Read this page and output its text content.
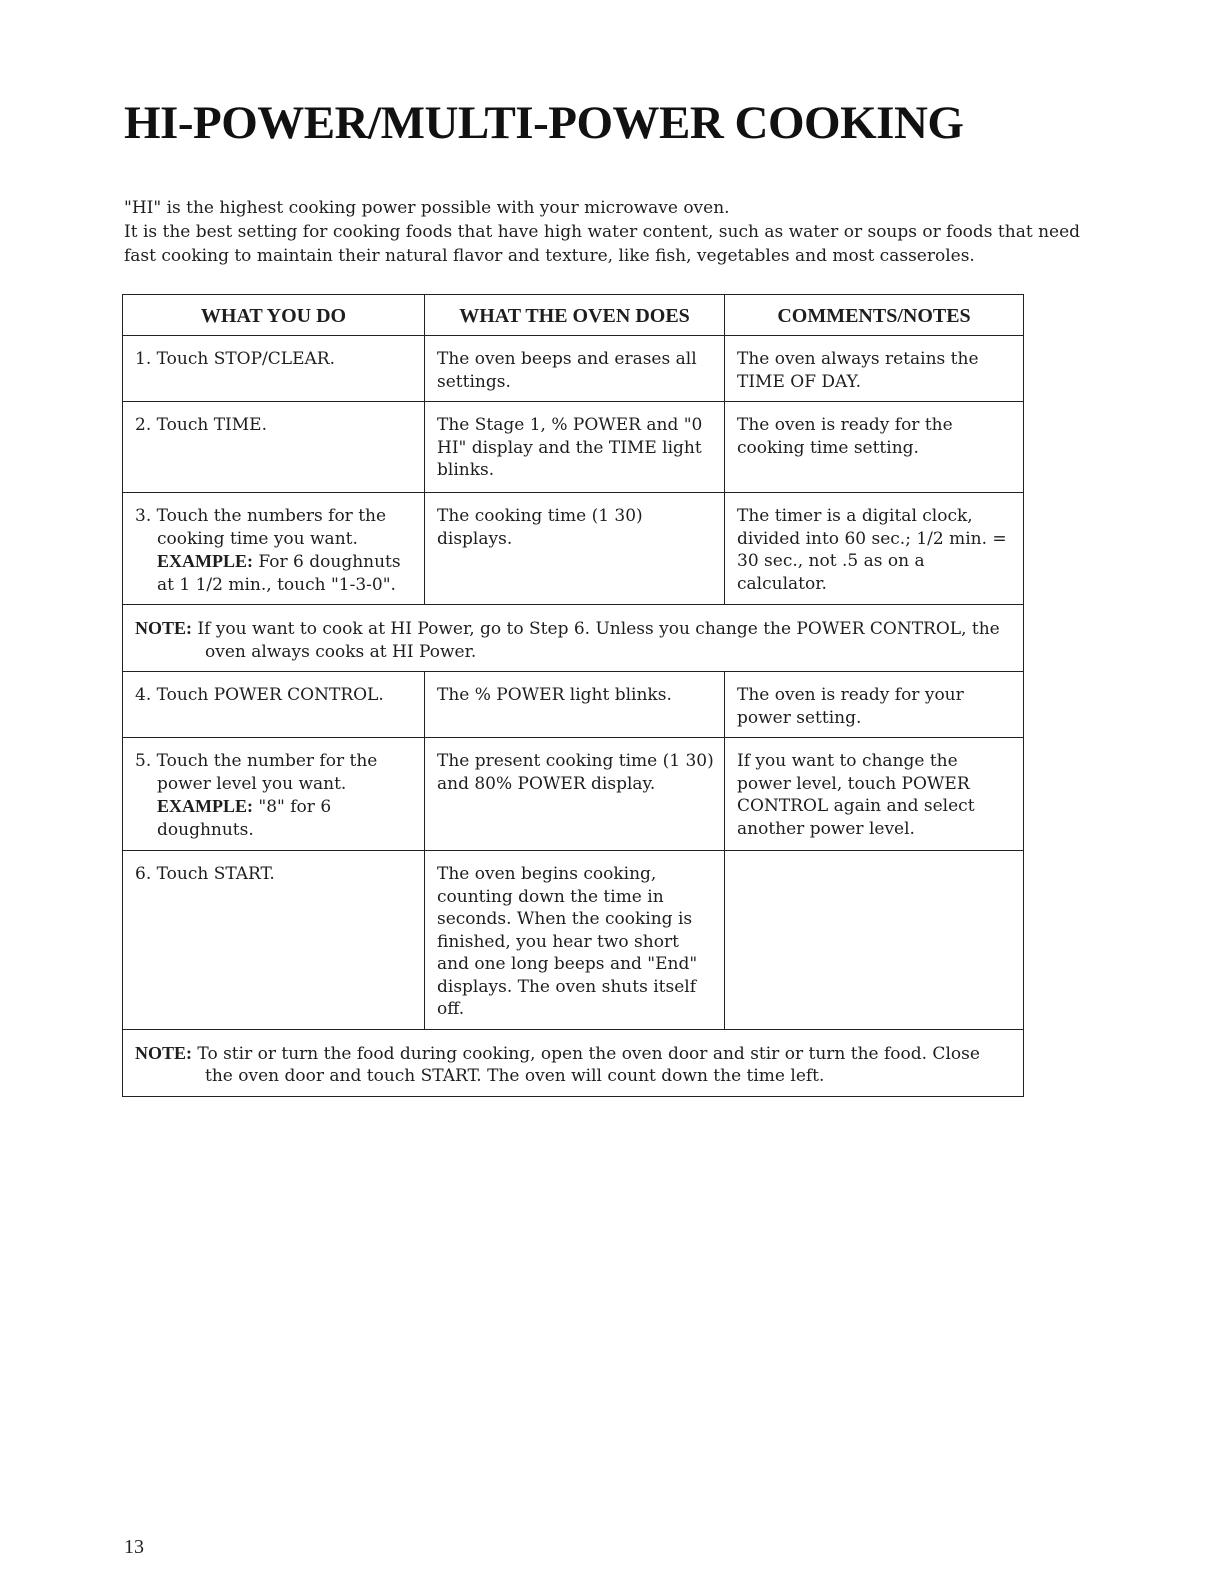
HI-POWER/MULTI-POWER COOKING
"HI" is the highest cooking power possible with your microwave oven.
It is the best setting for cooking foods that have high water content, such as water or soups or foods that need
fast cooking to maintain their natural flavor and texture, like fish, vegetables and most casseroles.
WHAT YOU DO	WHAT THE OVEN DOES	COMMENTS/NOTES

1. Touch STOP/CLEAR.	The oven beeps and erases all settings.	The oven always retains the TIME OF DAY.

2. Touch TIME.	The Stage 1, % POWER and "0 HI" display and the TIME light blinks.	The oven is ready for the cooking time setting.

3. Touch the numbers for the cooking time you want.
EXAMPLE: For 6 doughnuts at 1 1/2 min., touch "1-3-0".	The cooking time (1 30) displays.	The timer is a digital clock, divided into 60 sec.; 1/2 min. = 30 sec., not .5 as on a calculator.

NOTE: If you want to cook at HI Power, go to Step 6. Unless you change the POWER CONTROL, the oven always cooks at HI Power.		

4. Touch POWER CONTROL.	The % POWER light blinks.	The oven is ready for your power setting.

5. Touch the number for the power level you want.
EXAMPLE: "8" for 6 doughnuts.	The present cooking time (1 30) and 80% POWER display.	If you want to change the power level, touch POWER CONTROL again and select another power level.

6. Touch START.	The oven begins cooking, counting down the time in seconds. When the cooking is finished, you hear two short and one long beeps and "End" displays. The oven shuts itself off.	

NOTE: To stir or turn the food during cooking, open the oven door and stir or turn the food. Close the oven door and touch START. The oven will count down the time left.		
13
